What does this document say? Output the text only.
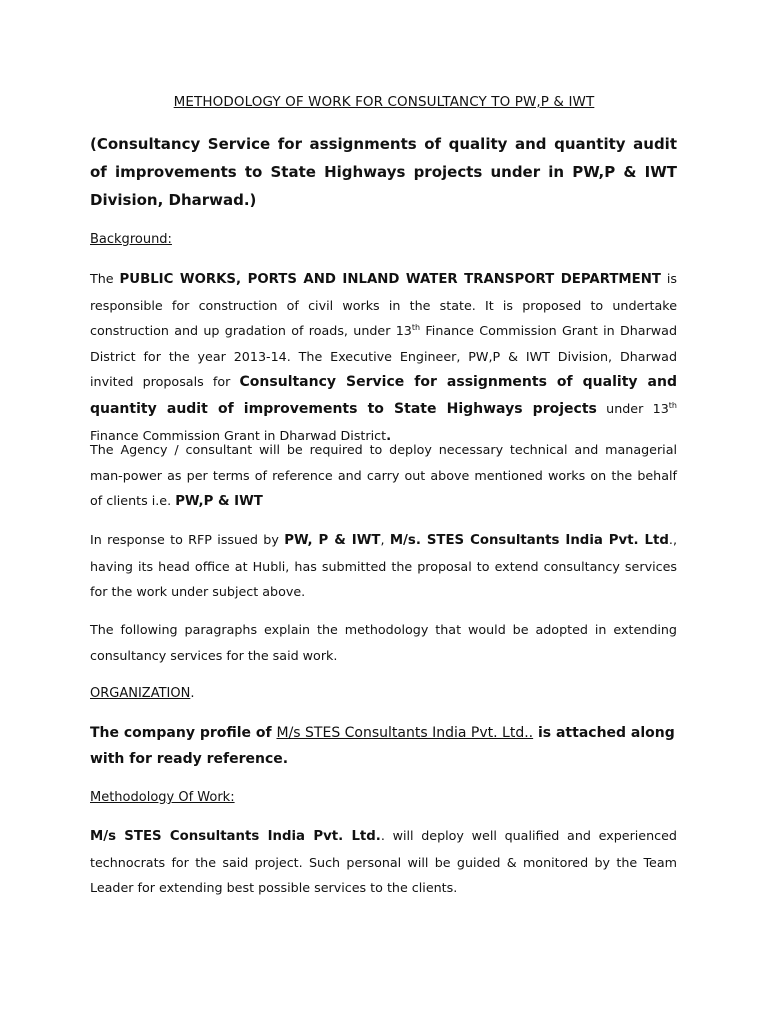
METHODOLOGY OF WORK FOR CONSULTANCY TO PW,P & IWT
(Consultancy Service for assignments of quality and quantity audit of improvements to State Highways projects under in PW,P & IWT Division, Dharwad.)
Background:
The PUBLIC WORKS, PORTS AND INLAND WATER TRANSPORT DEPARTMENT is responsible for construction of civil works in the state. It is proposed to undertake construction and up gradation of roads, under 13th Finance Commission Grant in Dharwad District for the year 2013-14. The Executive Engineer, PW,P & IWT Division, Dharwad invited proposals for Consultancy Service for assignments of quality and quantity audit of improvements to State Highways projects under 13th Finance Commission Grant in Dharwad District.
The Agency / consultant will be required to deploy necessary technical and managerial man-power as per terms of reference and carry out above mentioned works on the behalf of clients i.e. PW,P & IWT
In response to RFP issued by PW, P & IWT, M/s. STES Consultants India Pvt. Ltd., having its head office at Hubli, has submitted the proposal to extend consultancy services for the work under subject above.
The following paragraphs explain the methodology that would be adopted in extending consultancy services for the said work.
ORGANIZATION.
The company profile of M/s STES Consultants India Pvt. Ltd.. is attached along with for ready reference.
Methodology Of Work:
M/s STES Consultants India Pvt. Ltd.. will deploy well qualified and experienced technocrats for the said project. Such personal will be guided & monitored by the Team Leader for extending best possible services to the clients.
